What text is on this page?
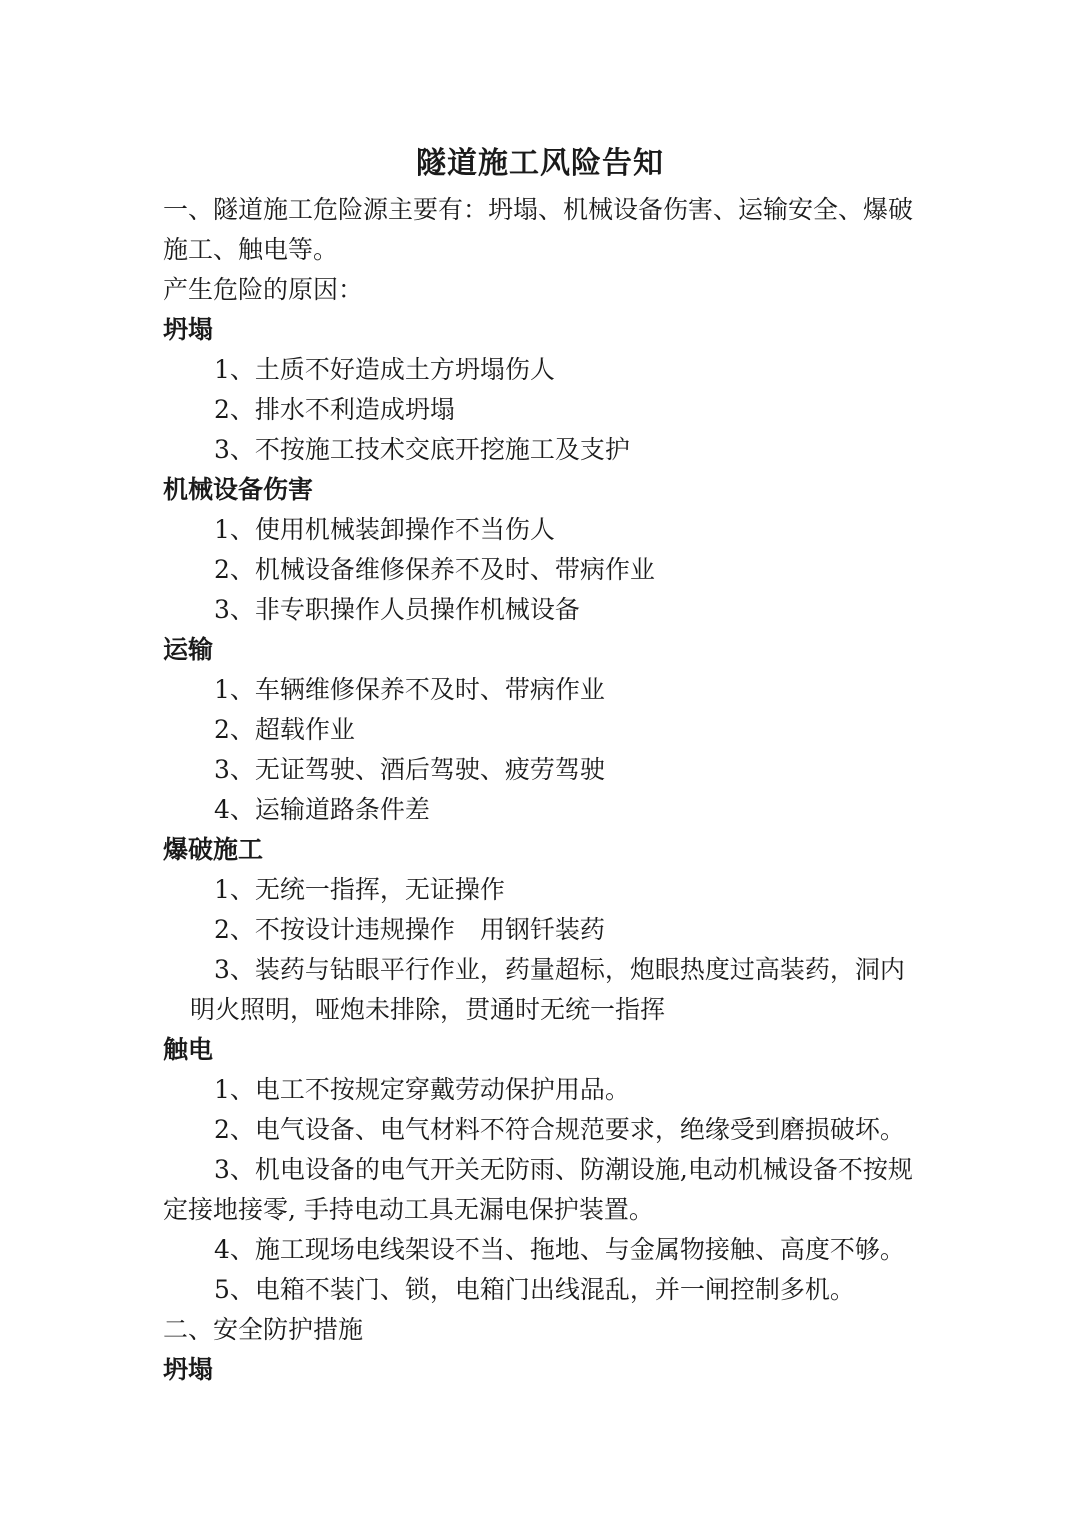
隧道施工风险告知
一、隧道施工危险源主要有：坍塌、机械设备伤害、运输安全、爆破
施工、触电等。
产生危险的原因：
坍塌
1、土质不好造成土方坍塌伤人
2、排水不利造成坍塌
3、不按施工技术交底开挖施工及支护
机械设备伤害
1、使用机械装卸操作不当伤人
2、机械设备维修保养不及时、带病作业
3、非专职操作人员操作机械设备
运输
1、车辆维修保养不及时、带病作业
2、超载作业
3、无证驾驶、酒后驾驶、疲劳驾驶
4、运输道路条件差
爆破施工
1、无统一指挥，无证操作
2、不按设计违规操作　用钢钎装药
3、装药与钻眼平行作业，药量超标，炮眼热度过高装药，洞内
明火照明，哑炮未排除，贯通时无统一指挥
触电
1、电工不按规定穿戴劳动保护用品。
2、电气设备、电气材料不符合规范要求，绝缘受到磨损破坏。
3、机电设备的电气开关无防雨、防潮设施,电动机械设备不按规
定接地接零, 手持电动工具无漏电保护装置。
4、施工现场电线架设不当、拖地、与金属物接触、高度不够。
5、电箱不装门、锁，电箱门出线混乱，并一闸控制多机。
二、安全防护措施
坍塌
